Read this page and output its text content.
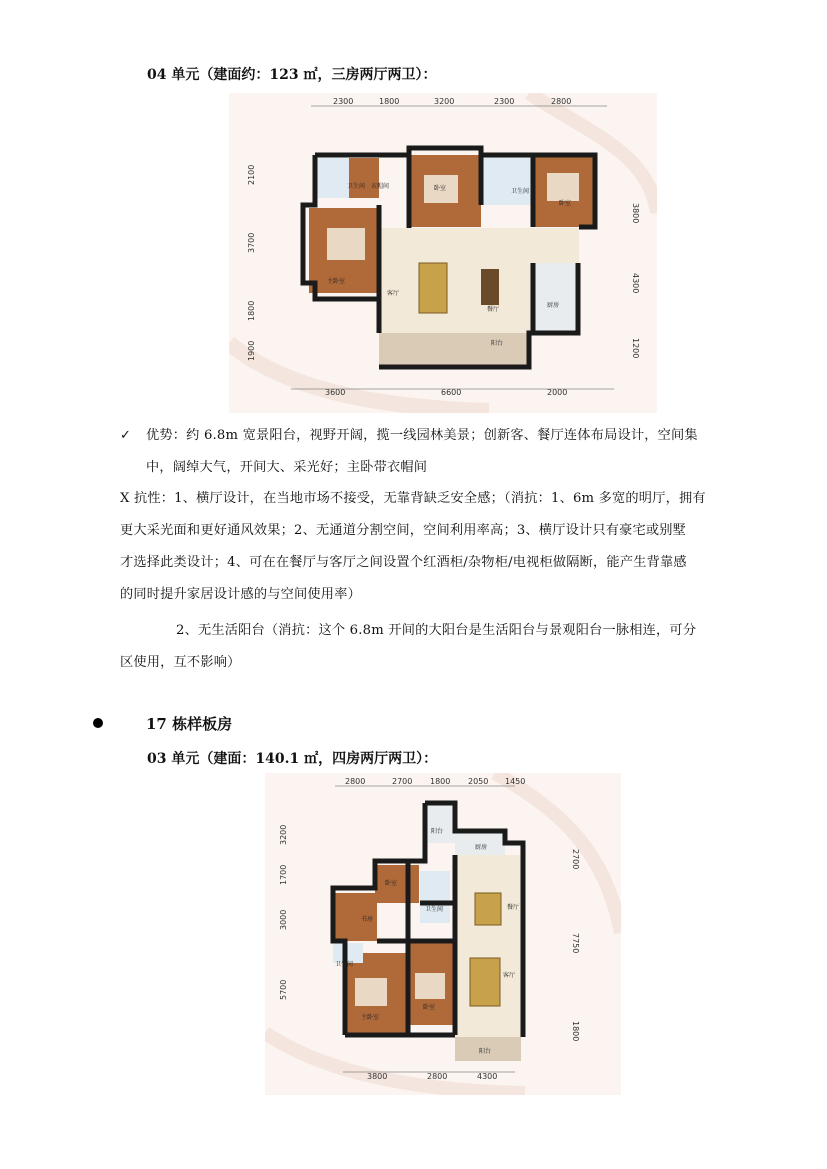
04 单元（建面约：123 ㎡，三房两厅两卫）：
2300	1800	3200	2300	2800
2100
3700
1800
1900
3800
4300
1200
3600	6600	2000
卫生间 衣帽间	卧室	卫生间
卧室
主卧室
客厅
餐厅
厨房
阳台
✓ 优势：约 6.8m 宽景阳台，视野开阔，揽一线园林美景；创新客、餐厅连体布局设计，空间集
中，阔绰大气，开间大、采光好；主卧带衣帽间
X 抗性：1、横厅设计，在当地市场不接受，无靠背缺乏安全感；（消抗：1、6m 多宽的明厅，拥有
更大采光面和更好通风效果；2、无通道分割空间，空间利用率高；3、横厅设计只有豪宅或别墅
才选择此类设计；4、可在在餐厅与客厅之间设置个红酒柜/杂物柜/电视柜做隔断，能产生背靠感
的同时提升家居设计感的与空间使用率）
2、无生活阳台（消抗：这个 6.8m 开间的大阳台是生活阳台与景观阳台一脉相连，可分
区使用，互不影响）
17 栋样板房
03 单元（建面：140.1 ㎡，四房两厅两卫）：
2800	2700 1800 2050 1450
3200
1700
3000
5700
2700
7750
1800
3800	2800	4300
阳台
厨房
卧室
书房
卫生间	餐厅
卫生间
主卧室
卧室
客厅
阳台
